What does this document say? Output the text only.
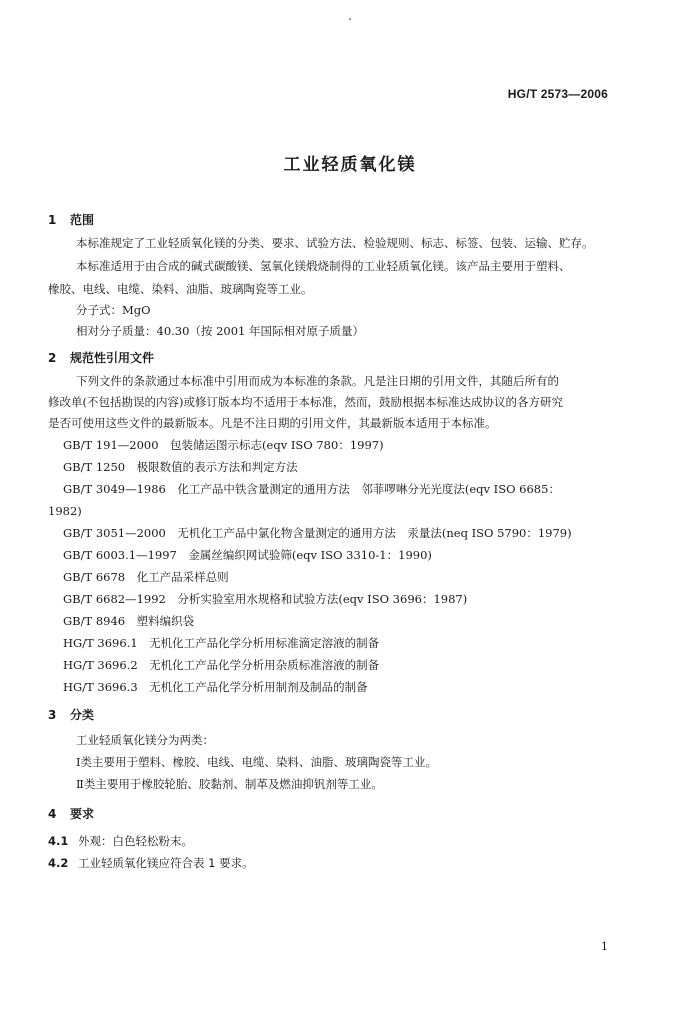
HG/T 2573—2006
工业轻质氧化镁
1 范围
本标准规定了工业轻质氧化镁的分类、要求、试验方法、检验规则、标志、标签、包装、运输、贮存。
本标准适用于由合成的碱式碳酸镁、氢氧化镁煅烧制得的工业轻质氧化镁。该产品主要用于塑料、
橡胶、电线、电缆、染料、油脂、玻璃陶瓷等工业。
分子式：MgO
相对分子质量：40.30（按 2001 年国际相对原子质量）
2 规范性引用文件
下列文件的条款通过本标准中引用而成为本标准的条款。凡是注日期的引用文件，其随后所有的
修改单(不包括勘误的内容)或修订版本均不适用于本标准，然而，鼓励根据本标准达成协议的各方研究
是否可使用这些文件的最新版本。凡是不注日期的引用文件，其最新版本适用于本标准。
GB/T 191—2000　包装储运图示标志(eqv ISO 780：1997)
GB/T 1250　极限数值的表示方法和判定方法
GB/T 3049—1986　化工产品中铁含量测定的通用方法　邻菲啰啉分光光度法(eqv ISO 6685：
1982)
GB/T 3051—2000　无机化工产品中氯化物含量测定的通用方法　汞量法(neq ISO 5790：1979)
GB/T 6003.1—1997　金属丝编织网试验筛(eqv ISO 3310-1：1990)
GB/T 6678　化工产品采样总则
GB/T 6682—1992　分析实验室用水规格和试验方法(eqv ISO 3696：1987)
GB/T 8946　塑料编织袋
HG/T 3696.1　无机化工产品化学分析用标准滴定溶液的制备
HG/T 3696.2　无机化工产品化学分析用杂质标准溶液的制备
HG/T 3696.3　无机化工产品化学分析用制剂及制品的制备
3 分类
工业轻质氧化镁分为两类：
Ⅰ类主要用于塑料、橡胶、电线、电缆、染料、油脂、玻璃陶瓷等工业。
Ⅱ类主要用于橡胶轮胎、胶黏剂、制革及燃油抑钒剂等工业。
4 要求
4.1 外观：白色轻松粉末。
4.2 工业轻质氧化镁应符合表 1 要求。
1
